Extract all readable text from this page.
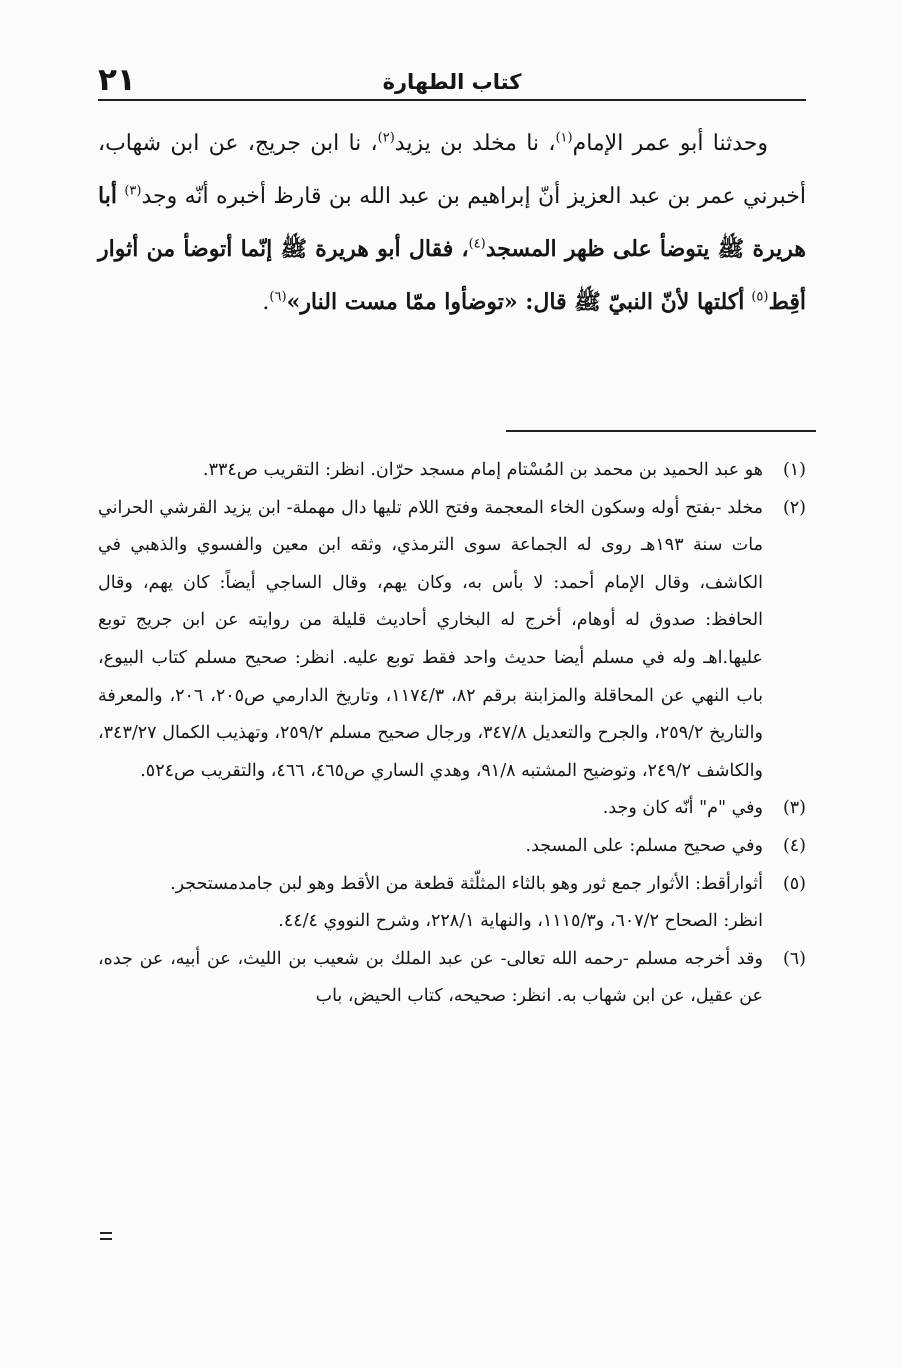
كتاب الطهارة
٢١

وحدثنا أبو عمر الإمام$^{(١)}$، نا مخلد بن يزيد$^{(٢)}$، نا ابن جريج، عن ابن شهاب، أخبرني عمر بن عبد العزيز أنّ إبراهيم بن عبد الله بن قارظ أخبره أنّه وجد$^{(٣)}$ أبا هريرة ﷺ يتوضأ على ظهر المسجد$^{(٤)}$، فقال أبو هريرة ﷺ إنّما أتوضأ من أثوار أقِط$^{(٥)}$ أكلتها لأنّ النبيّ ﷺ قال: «توضأوا ممّا مست النار»$^{(٦)}$.

(١)
هو عبد الحميد بن محمد بن المُسْتام إمام مسجد حرّان. انظر: التقريب ص٣٣٤.
(٢)
مخلد -بفتح أوله وسكون الخاء المعجمة وفتح اللام تليها دال مهملة- ابن يزيد القرشي الحراني مات سنة ١٩٣هـ روى له الجماعة سوى الترمذي، وثقه ابن معين والفسوي والذهبي في الكاشف، وقال الإمام أحمد: لا بأس به، وكان يهم، وقال الساجي أيضاً: كان يهم، وقال الحافظ: صدوق له أوهام، أخرج له البخاري أحاديث قليلة من روايته عن ابن جريج توبع عليها.اهـ وله في مسلم أيضا حديث واحد فقط توبع عليه. انظر: صحيح مسلم كتاب البيوع، باب النهي عن المحاقلة والمزابنة برقم ٨٢، ١١٧٤/٣، وتاريخ الدارمي ص٢٠٥، ٢٠٦، والمعرفة والتاريخ ٢٥٩/٢، والجرح والتعديل ٣٤٧/٨، ورجال صحيح مسلم ٢٥٩/٢، وتهذيب الكمال ٣٤٣/٢٧، والكاشف ٢٤٩/٢، وتوضيح المشتبه ٩١/٨، وهدي الساري ص٤٦٥، ٤٦٦، والتقريب ص٥٢٤.
(٣)
وفي "م" أنّه كان وجد.
(٤)
وفي صحيح مسلم: على المسجد.
(٥)
أثوارأقط: الأثوار جمع ثور وهو بالثاء المثلّثة قطعة من الأقط وهو لبن جامدمستحجر.
انظر: الصحاح ٦٠٧/٢، و١١١٥/٣، والنهاية ٢٢٨/١، وشرح النووي ٤٤/٤.
(٦)
وقد أخرجه مسلم -رحمه الله تعالى- عن عبد الملك بن شعيب بن الليث، عن أبيه، عن جده، عن عقيل، عن ابن شهاب به. انظر: صحيحه، كتاب الحيض، باب
